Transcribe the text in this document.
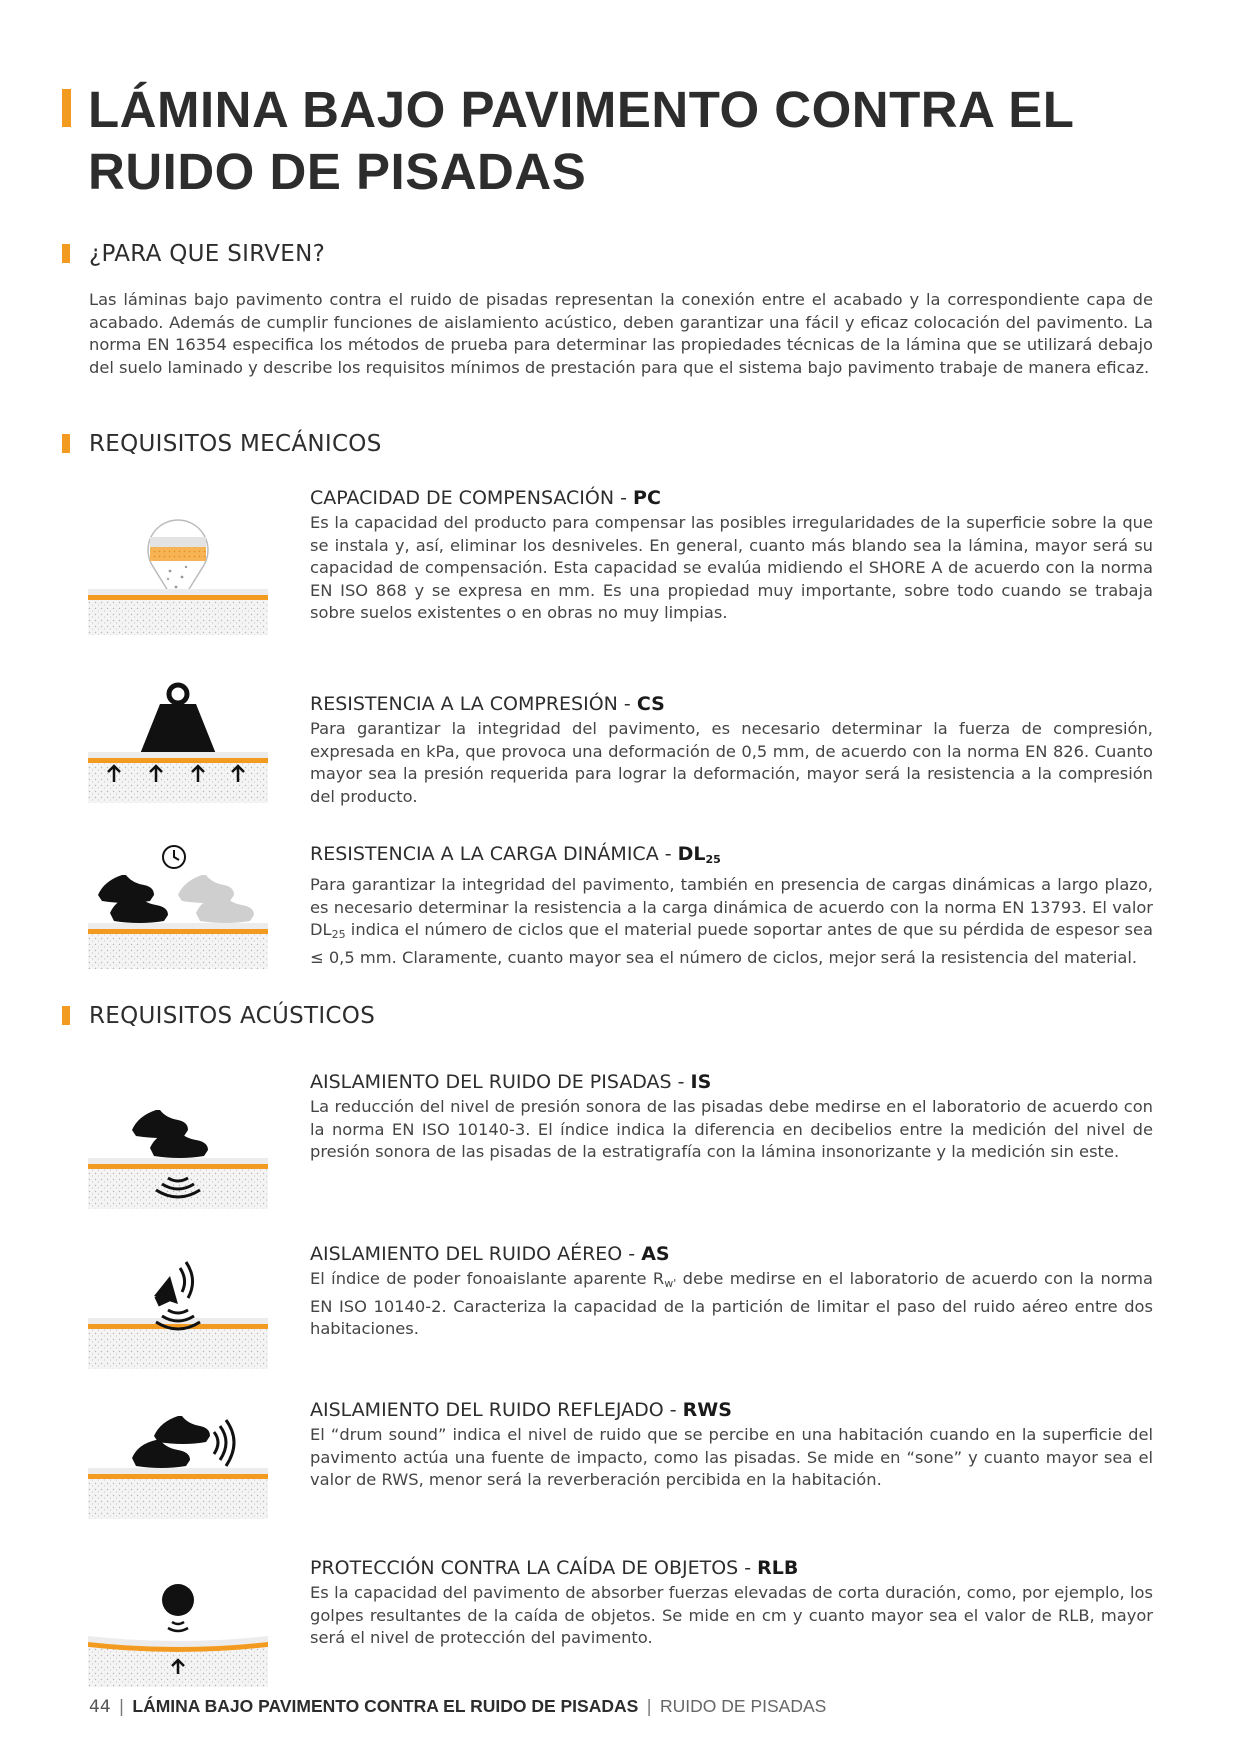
LÁMINA BAJO PAVIMENTO CONTRA EL
RUIDO DE PISADAS
¿PARA QUE SIRVEN?
Las láminas bajo pavimento contra el ruido de pisadas representan la conexión entre el acabado y la correspondiente capa de acabado. Además de cumplir funciones de aislamiento acústico, deben garantizar una fácil y eficaz colocación del pavimento. La norma EN 16354 especifica los métodos de prueba para determinar las propiedades técnicas de la lámina que se utilizará debajo del suelo laminado y describe los requisitos mínimos de prestación para que el sistema bajo pavimento trabaje de manera eficaz.
REQUISITOS MECÁNICOS
CAPACIDAD DE COMPENSACIÓN - PC
Es la capacidad del producto para compensar las posibles irregularidades de la superficie sobre la que se instala y, así, eliminar los desniveles. En general, cuanto más blando sea la lámina, mayor será su capacidad de compensación. Esta capacidad se evalúa midiendo el SHORE A de acuerdo con la norma EN ISO 868 y se expresa en mm. Es una propiedad muy importante, sobre todo cuando se trabaja sobre suelos existentes o en obras no muy limpias.
RESISTENCIA A LA COMPRESIÓN - CS
Para garantizar la integridad del pavimento, es necesario determinar la fuerza de compresión, expresada en kPa, que provoca una deformación de 0,5 mm, de acuerdo con la norma EN 826. Cuanto mayor sea la presión requerida para lograr la deformación, mayor será la resistencia a la compresión del producto.
RESISTENCIA A LA CARGA DINÁMICA - $DL_{25}$
Para garantizar la integridad del pavimento, también en presencia de cargas dinámicas a largo plazo, es necesario determinar la resistencia a la carga dinámica de acuerdo con la norma EN 13793. El valor $DL_{25}$ indica el número de ciclos que el material puede soportar antes de que su pérdida de espesor sea ≤ 0,5 mm. Claramente, cuanto mayor sea el número de ciclos, mejor será la resistencia del material.
REQUISITOS ACÚSTICOS
AISLAMIENTO DEL RUIDO DE PISADAS - IS
La reducción del nivel de presión sonora de las pisadas debe medirse en el laboratorio de acuerdo con la norma EN ISO 10140-3. El índice indica la diferencia en decibelios entre la medición del nivel de presión sonora de las pisadas de la estratigrafía con la lámina insonorizante y la medición sin este.
AISLAMIENTO DEL RUIDO AÉREO - AS
El índice de poder fonoaislante aparente $R_{w'}$ debe medirse en el laboratorio de acuerdo con la norma EN ISO 10140-2. Caracteriza la capacidad de la partición de limitar el paso del ruido aéreo entre dos habitaciones.
AISLAMIENTO DEL RUIDO REFLEJADO - RWS
El “drum sound” indica el nivel de ruido que se percibe en una habitación cuando en la superficie del pavimento actúa una fuente de impacto, como las pisadas. Se mide en “sone” y cuanto mayor sea el valor de RWS, menor será la reverberación percibida en la habitación.
PROTECCIÓN CONTRA LA CAÍDA DE OBJETOS - RLB
Es la capacidad del pavimento de absorber fuerzas elevadas de corta duración, como, por ejemplo, los golpes resultantes de la caída de objetos. Se mide en cm y cuanto mayor sea el valor de RLB, mayor será el nivel de protección del pavimento.
44 | LÁMINA BAJO PAVIMENTO CONTRA EL RUIDO DE PISADAS | RUIDO DE PISADAS
